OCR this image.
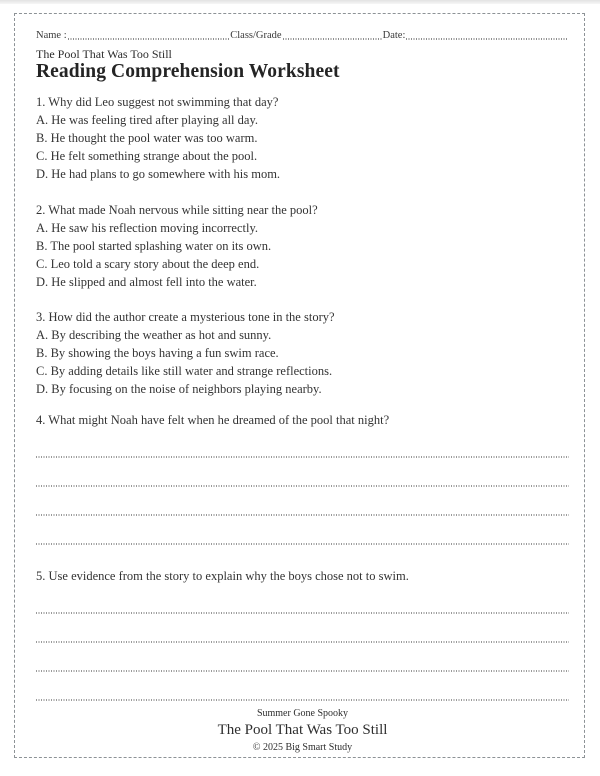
Name :	Class/Grade	Date:
The Pool That Was Too Still
Reading Comprehension Worksheet

1. Why did Leo suggest not swimming that day?

A. He was feeling tired after playing all day.

B. He thought the pool water was too warm.

C. He felt something strange about the pool.

D. He had plans to go somewhere with his mom.

2. What made Noah nervous while sitting near the pool?

A. He saw his reflection moving incorrectly.

B. The pool started splashing water on its own.

C. Leo told a scary story about the deep end.

D. He slipped and almost fell into the water.

3. How did the author create a mysterious tone in the story?

A. By describing the weather as hot and sunny.

B. By showing the boys having a fun swim race.

C. By adding details like still water and strange reflections.

D. By focusing on the noise of neighbors playing nearby.

4. What might Noah have felt when he dreamed of the pool that night?

5. Use evidence from the story to explain why the boys chose not to swim.

Summer Gone Spooky
The Pool That Was Too Still
© 2025 Big Smart Study
